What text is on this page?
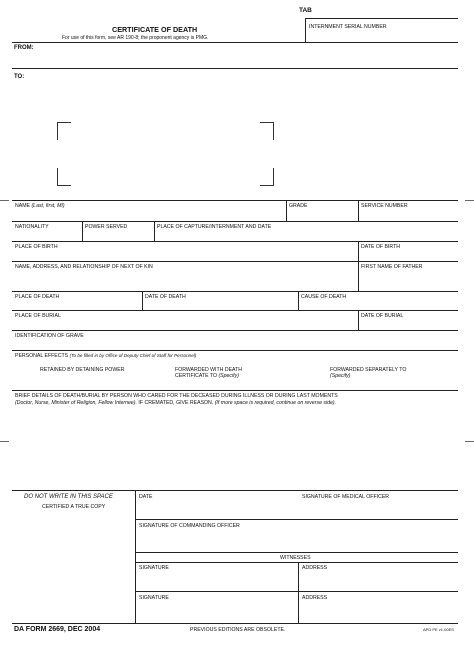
TAB
CERTIFICATE OF DEATH
For use of this form, see AR 190-8; the proponent agency is PMG.
INTERNMENT SERIAL NUMBER
FROM:
TO:
NAME (Last, first, MI)	GRADE	SERVICE NUMBER
NATIONALITY	POWER SERVED	PLACE OF CAPTURE/INTERNMENT AND DATE
PLACE OF BIRTH	DATE OF BIRTH
NAME, ADDRESS, AND RELATIONSHIP OF NEXT OF KIN	FIRST NAME OF FATHER
PLACE OF DEATH	DATE OF DEATH	CAUSE OF DEATH
PLACE OF BURIAL	DATE OF BURIAL
IDENTIFICATION OF GRAVE
PERSONAL EFFECTS (To be filled in by Office of Deputy Chief of Staff for Personnel)
RETAINED BY DETAINING POWER	FORWARDED WITH DEATH
CERTIFICATE TO (Specify)
FORWARDED SEPARATELY TO
(Specify)
BRIEF DETAILS OF DEATH/BURIAL BY PERSON WHO CARED FOR THE DECEASED DURING ILLNESS OR DURING LAST MOMENTS
(Doctor, Nurse, Minister of Religion, Fellow Internee). IF CREMATED, GIVE REASON. (If more space is required, continue on reverse side).
DO NOT WRITE IN THIS SPACE
CERTIFIED A TRUE COPY
DATE	SIGNATURE OF MEDICAL OFFICER
SIGNATURE OF COMMANDING OFFICER
WITNESSES
SIGNATURE	ADDRESS
SIGNATURE	ADDRESS
DA FORM 2669, DEC 2004	PREVIOUS EDITIONS ARE OBSOLETE.	APD PE v1.00ES
